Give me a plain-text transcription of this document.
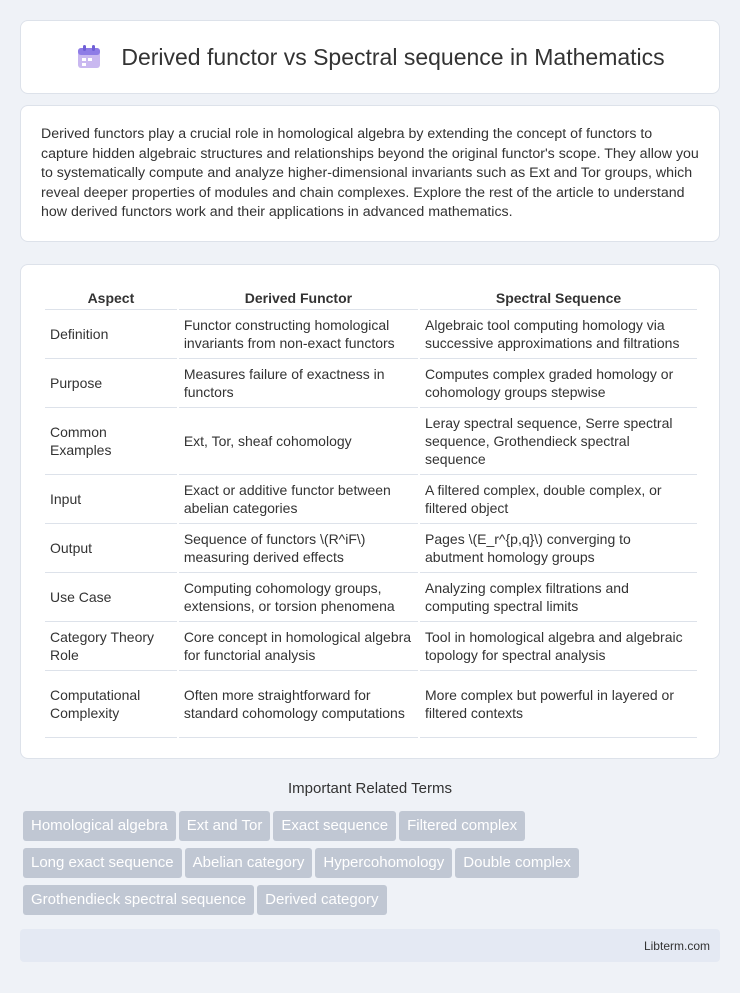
Derived functor vs Spectral sequence in Mathematics

Derived functors play a crucial role in homological algebra by extending the concept of functors to capture hidden algebraic structures and relationships beyond the original functor's scope. They allow you to systematically compute and analyze higher-dimensional invariants such as Ext and Tor groups, which reveal deeper properties of modules and chain complexes. Explore the rest of the article to understand how derived functors work and their applications in advanced mathematics.

Aspect	Derived Functor	Spectral Sequence
Definition	Functor constructing homological invariants from non-exact functors	Algebraic tool computing homology via successive approximations and filtrations
Purpose	Measures failure of exactness in functors	Computes complex graded homology or cohomology groups stepwise
Common Examples	Ext, Tor, sheaf cohomology	Leray spectral sequence, Serre spectral sequence, Grothendieck spectral sequence
Input	Exact or additive functor between abelian categories	A filtered complex, double complex, or filtered object
Output	Sequence of functors \(R^iF\) measuring derived effects	Pages \(E_r^{p,q}\) converging to abutment homology groups
Use Case	Computing cohomology groups, extensions, or torsion phenomena	Analyzing complex filtrations and computing spectral limits
Category Theory Role	Core concept in homological algebra for functorial analysis	Tool in homological algebra and algebraic topology for spectral analysis
Computational Complexity	Often more straightforward for standard cohomology computations	More complex but powerful in layered or filtered contexts
Important Related Terms
Homological algebra Ext and Tor Exact sequence Filtered complex
Long exact sequence Abelian category Hypercohomology Double complex
Grothendieck spectral sequence Derived category
Libterm.com
